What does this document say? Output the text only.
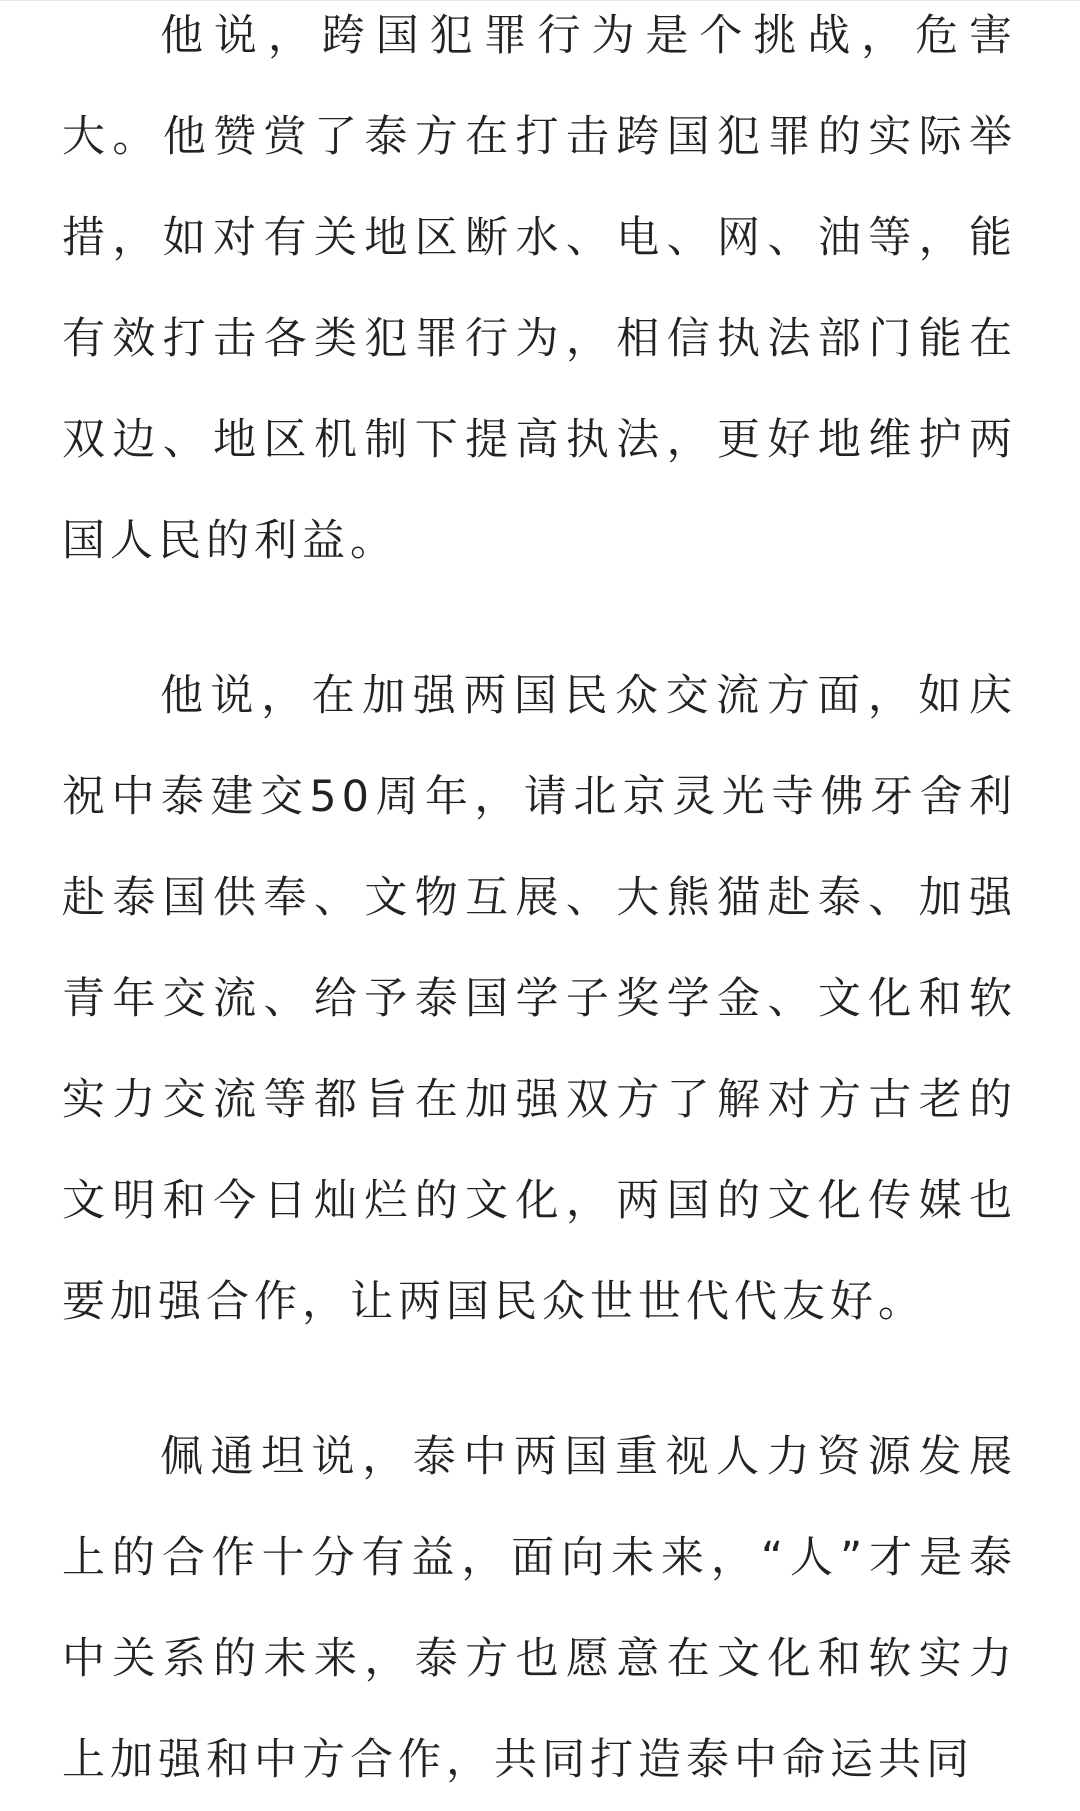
他说，跨国犯罪行为是个挑战，危害大。他赞赏了泰方在打击跨国犯罪的实际举措，如对有关地区断水、电、网、油等，能有效打击各类犯罪行为，相信执法部门能在双边、地区机制下提高执法，更好地维护两国人民的利益。

他说，在加强两国民众交流方面，如庆祝中泰建交50周年，请北京灵光寺佛牙舍利赴泰国供奉、文物互展、大熊猫赴泰、加强青年交流、给予泰国学子奖学金、文化和软实力交流等都旨在加强双方了解对方古老的文明和今日灿烂的文化，两国的文化传媒也要加强合作，让两国民众世世代代友好。

佩通坦说，泰中两国重视人力资源发展上的合作十分有益，面向未来，“人”才是泰中关系的未来，泰方也愿意在文化和软实力上加强和中方合作，共同打造泰中命运共同
